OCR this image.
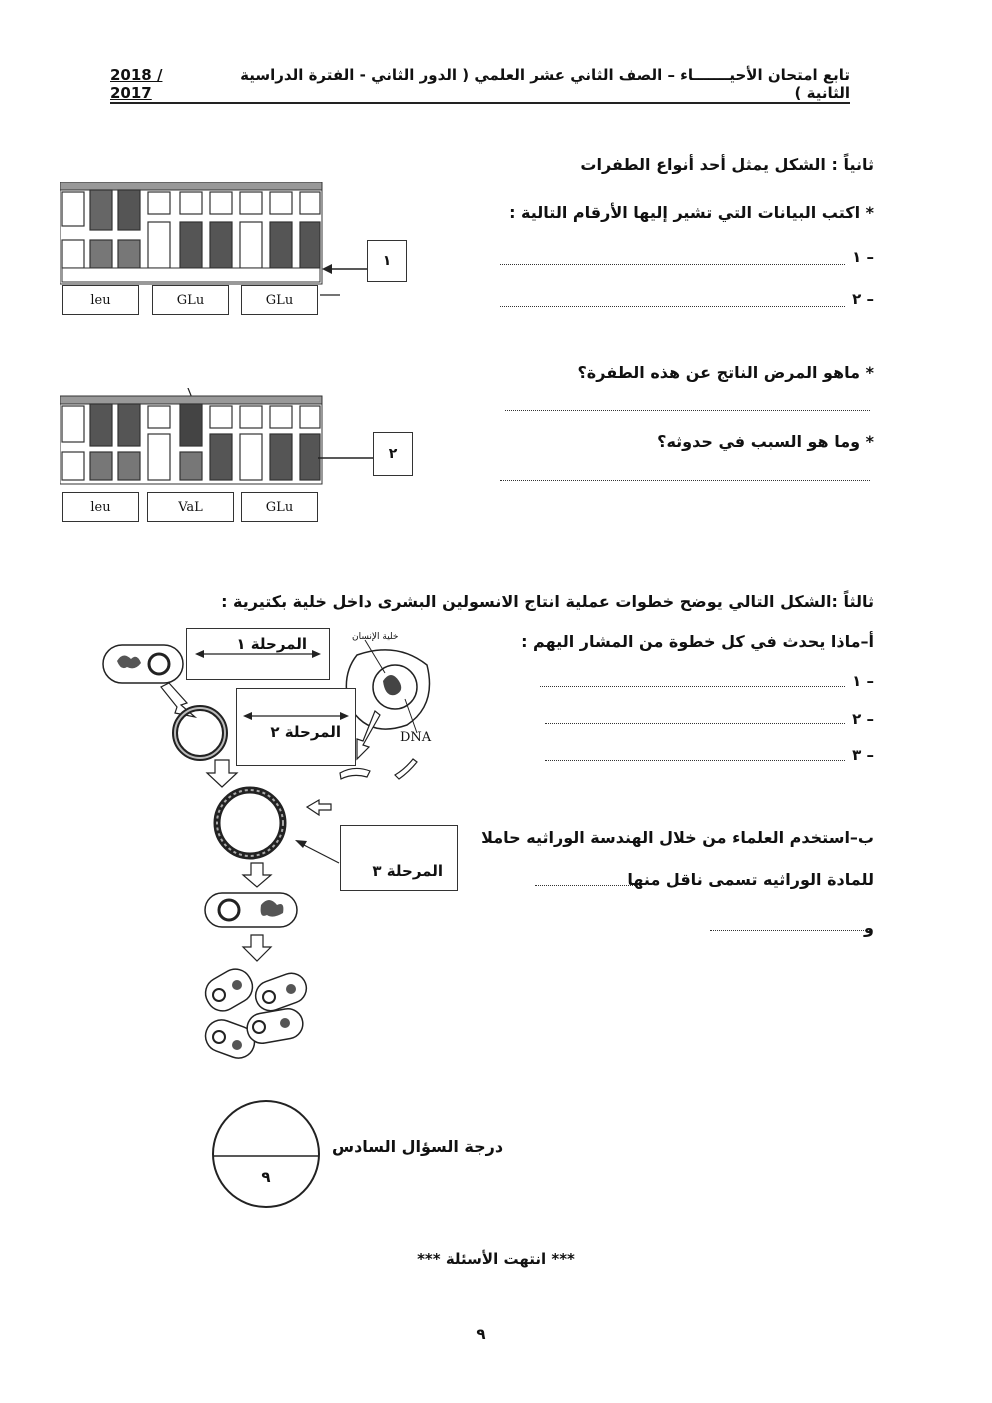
2018 / 2017
تابع امتحان الأحيـــــــاء – الصف الثاني عشر العلمي ( الدور الثاني - الفترة الدراسية الثانية )
ثانياً : الشكل يمثل أحد أنواع الطفرات
* اكتب البيانات التي تشير إليها الأرقام التالية :
١ –
٢ –
* ماهو المرض الناتج عن هذه الطفرة؟
* وما هو السبب في حدوثه؟
leu	GLu	GLu
١
leu	VaL	GLu
٢
ثالثاً :الشكل التالي يوضح خطوات عملية انتاج الانسولين البشرى داخل خلية بكتيرية :
أ–ماذا يحدث في كل خطوة من المشار اليهم :
١ –
٢ –
٣ –
ب–استخدم العلماء من خلال الهندسة الوراثيه حاملا
للمادة الوراثيه تسمى ناقل منها
و
المرحلة ١
المرحلة ٢
المرحلة ٣
خلية الإنسان
DNA
٩
درجة السؤال السادس
*** انتهت الأسئلة ***
٩
